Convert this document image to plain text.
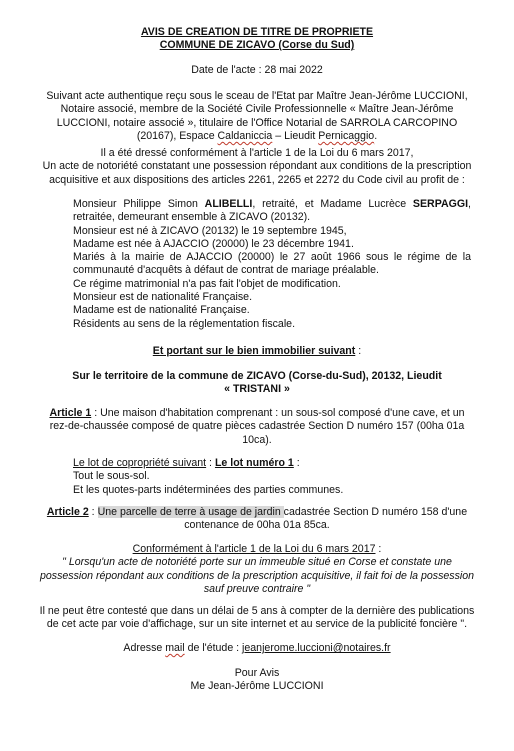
AVIS DE CREATION DE TITRE DE PROPRIETE
COMMUNE DE ZICAVO (Corse du Sud)
Date de l'acte : 28 mai 2022
Suivant acte authentique reçu sous le sceau de l'Etat par Maître Jean-Jérôme LUCCIONI, Notaire associé, membre de la Société Civile Professionnelle « Maître Jean-Jérôme LUCCIONI, notaire associé », titulaire de l'Office Notarial de SARROLA CARCOPINO (20167), Espace Caldaniccia – Lieudit Pernicaggio.
Il a été dressé conformément à l'article 1 de la Loi du 6 mars 2017,
Un acte de notoriété constatant une possession répondant aux conditions de la prescription acquisitive et aux dispositions des articles 2261, 2265 et 2272 du Code civil au profit de :

Monsieur Philippe Simon ALIBELLI, retraité, et Madame Lucrèce SERPAGGI, retraitée, demeurant ensemble à ZICAVO (20132).

Monsieur est né à ZICAVO (20132) le 19 septembre 1945,

Madame est née à AJACCIO (20000) le 23 décembre 1941.

Mariés à la mairie de AJACCIO (20000) le 27 août 1966 sous le régime de la communauté d'acquêts à défaut de contrat de mariage préalable.

Ce régime matrimonial n'a pas fait l'objet de modification.

Monsieur est de nationalité Française.

Madame est de nationalité Française.

Résidents au sens de la réglementation fiscale.

Et portant sur le bien immobilier suivant :
Sur le territoire de la commune de ZICAVO (Corse-du-Sud), 20132, Lieudit
« TRISTANI »
Article 1 : Une maison d'habitation comprenant : un sous-sol composé d'une cave, et un rez-de-chaussée composé de quatre pièces cadastrée Section D numéro 157 (00ha 01a 10ca).

Le lot de copropriété suivant : Le lot numéro 1 :

Tout le sous-sol.

Et les quotes-parts indéterminées des parties communes.

Article 2 : Une parcelle de terre à usage de jardin cadastrée Section D numéro 158 d'une contenance de 00ha 01a 85ca.
Conformément à l'article 1 de la Loi du 6 mars 2017 :
" Lorsqu'un acte de notoriété porte sur un immeuble situé en Corse et constate une possession répondant aux conditions de la prescription acquisitive, il fait foi de la possession sauf preuve contraire "
Il ne peut être contesté que dans un délai de 5 ans à compter de la dernière des publications de cet acte par voie d'affichage, sur un site internet et au service de la publicité foncière ".
Adresse mail de l'étude : jeanjerome.luccioni@notaires.fr
Pour Avis
Me Jean-Jérôme LUCCIONI
